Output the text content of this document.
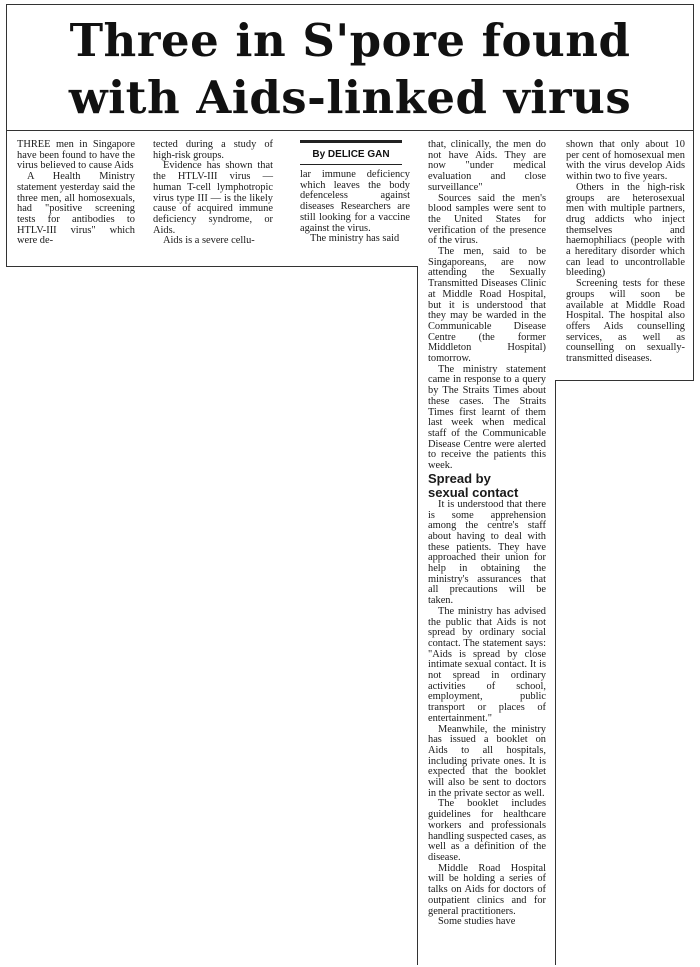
Three in S'pore found
with Aids-linked virus

THREE men in Singapore have been found to have the virus believed to cause Aids

A Health Ministry statement yesterday said the three men, all homosexuals, had "positive screening tests for antibodies to HTLV-III virus" which were de-

tected during a study of high-risk groups.

Evidence has shown that the HTLV-III virus — human T-cell lymphotropic virus type III — is the likely cause of acquired immune deficiency syndrome, or Aids.

Aids is a severe cellu-

By DELICE GAN

lar immune deficiency which leaves the body defenceless against diseases Researchers are still looking for a vaccine against the virus.

The ministry has said

that, clinically, the men do not have Aids. They are now "under medical evaluation and close surveillance"

Sources said the men's blood samples were sent to the United States for verification of the presence of the virus.

The men, said to be Singaporeans, are now attending the Sexually Transmitted Diseases Clinic at Middle Road Hospital, but it is understood that they may be warded in the Communicable Disease Centre (the former Middleton Hospital) tomorrow.

The ministry statement came in response to a query by The Straits Times about these cases. The Straits Times first learnt of them last week when medical staff of the Communicable Disease Centre were alerted to receive the patients this week.

Spread by

sexual contact

It is understood that there is some apprehension among the centre's staff about having to deal with these patients. They have approached their union for help in obtaining the ministry's assurances that all precautions will be taken.

The ministry has advised the public that Aids is not spread by ordinary social contact. The statement says: "Aids is spread by close intimate sexual contact. It is not spread in ordinary activities of school, employment, public transport or places of entertainment."

Meanwhile, the ministry has issued a booklet on Aids to all hospitals, including private ones. It is expected that the booklet will also be sent to doctors in the private sector as well.

The booklet includes guidelines for healthcare workers and professionals handling suspected cases, as well as a definition of the disease.

Middle Road Hospital will be holding a series of talks on Aids for doctors of outpatient clinics and for general practitioners.

Some studies have

shown that only about 10 per cent of homosexual men with the virus develop Aids within two to five years.

Others in the high-risk groups are heterosexual men with multiple partners, drug addicts who inject themselves and haemophiliacs (people with a hereditary disorder which can lead to uncontrollable bleeding)

Screening tests for these groups will soon be available at Middle Road Hospital. The hospital also offers Aids counselling services, as well as counselling on sexually-transmitted diseases.
